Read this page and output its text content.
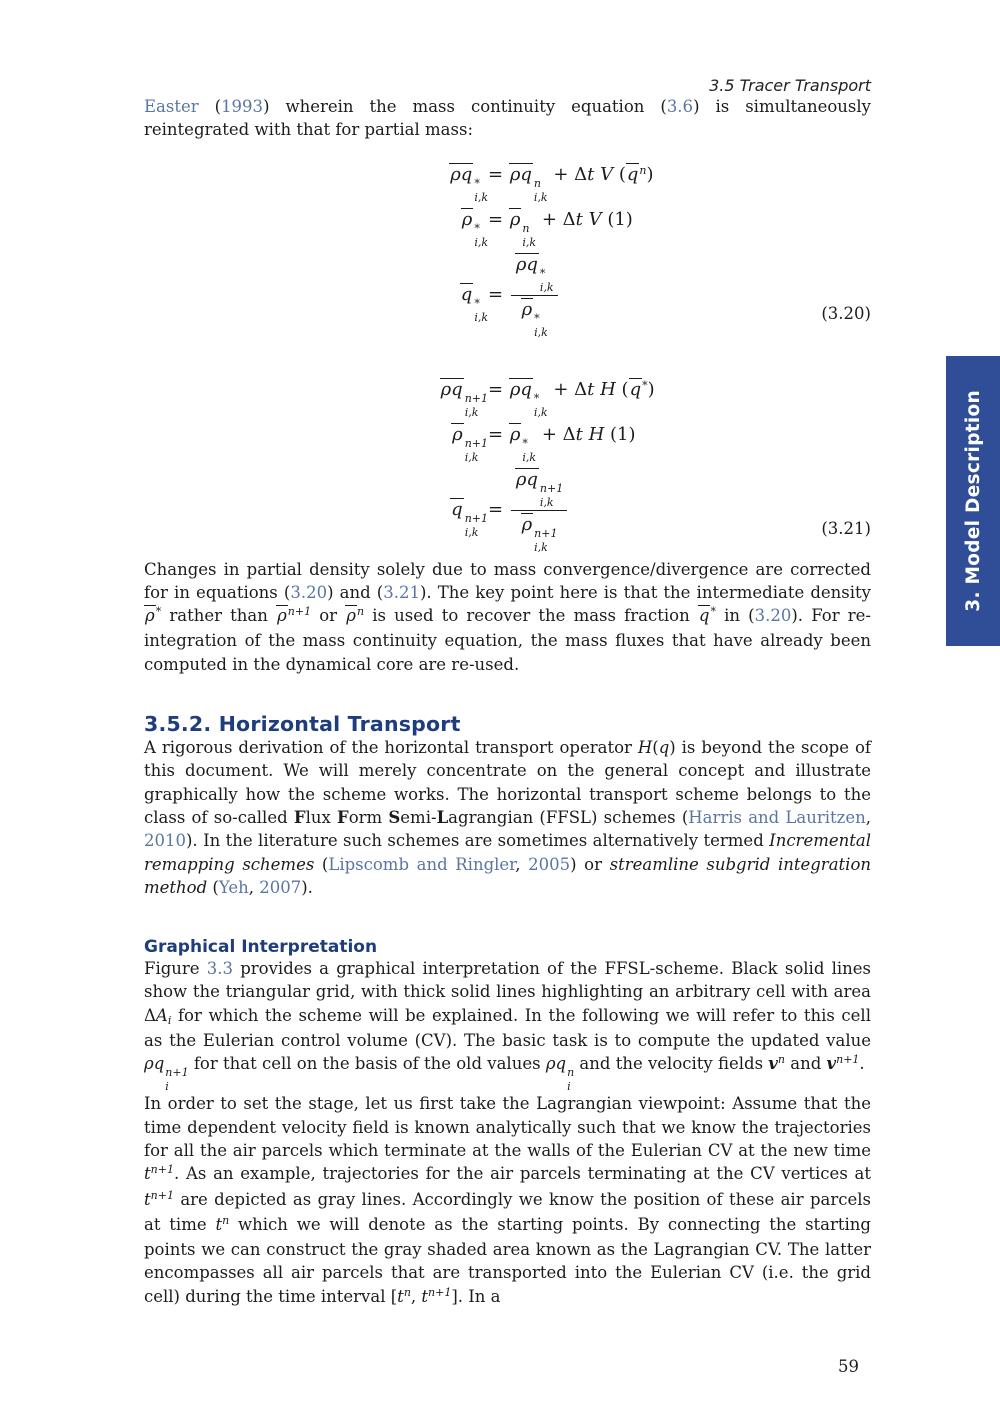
3. Model Description
3.5 Tracer Transport

Easter (1993) wherein the mass continuity equation (3.6) is simultaneously reintegrated with that for partial mass:

ρq *
i,k
= ρq n
i,k
+ Δt V $(q^n)$
ρ *
i,k
= ρ n
i,k
+ Δt V (1)
q *
i,k
= ρq *
i,k
ρ *
i,k	(3.20)
ρq n+1
i,k
= ρq *
i,k
+ Δt H (q*)
ρ n+1
i,k
= ρ *
i,k
+ Δt H (1)
q n+1
i,k
= ρq n+1
i,k
ρ n+1
i,k	(3.21)

Changes in partial density solely due to mass convergence/divergence are corrected for in equations (3.20) and (3.21). The key point here is that the intermediate density ρ* rather than $\rho^{n+1}$ or $\rho^n$ is used to recover the mass fraction q* in (3.20). For re-integration of the mass continuity equation, the mass fluxes that have already been computed in the dynamical core are re-used.

3.5.2. Horizontal Transport

A rigorous derivation of the horizontal transport operator H(q) is beyond the scope of this document. We will merely concentrate on the general concept and illustrate graphically how the scheme works. The horizontal transport scheme belongs to the class of so-called Flux Form Semi-Lagrangian (FFSL) schemes (Harris and Lauritzen, 2010). In the literature such schemes are sometimes alternatively termed Incremental remapping schemes (Lipscomb and Ringler, 2005) or streamline subgrid integration method (Yeh, 2007).

Graphical Interpretation

Figure 3.3 provides a graphical interpretation of the FFSL-scheme. Black solid lines show the triangular grid, with thick solid lines highlighting an arbitrary cell with area ΔAi for which the scheme will be explained. In the following we will refer to this cell as the Eulerian control volume (CV). The basic task is to compute the updated value ρq n+1
i
for that cell on the basis of the old values ρq n
i
and the velocity fields $v^n$ and $v^{n+1}$.

In order to set the stage, let us first take the Lagrangian viewpoint: Assume that the time dependent velocity field is known analytically such that we know the trajectories for all the air parcels which terminate at the walls of the Eulerian CV at the new time $t^{n+1}$. As an example, trajectories for the air parcels terminating at the CV vertices at $t^{n+1}$ are depicted as gray lines. Accordingly we know the position of these air parcels at time $t^n$ which we will denote as the starting points. By connecting the starting points we can construct the gray shaded area known as the Lagrangian CV. The latter encompasses all air parcels that are transported into the Eulerian CV (i.e. the grid cell) during the time interval [$t^n$, $t^{n+1}$]. In a

59
